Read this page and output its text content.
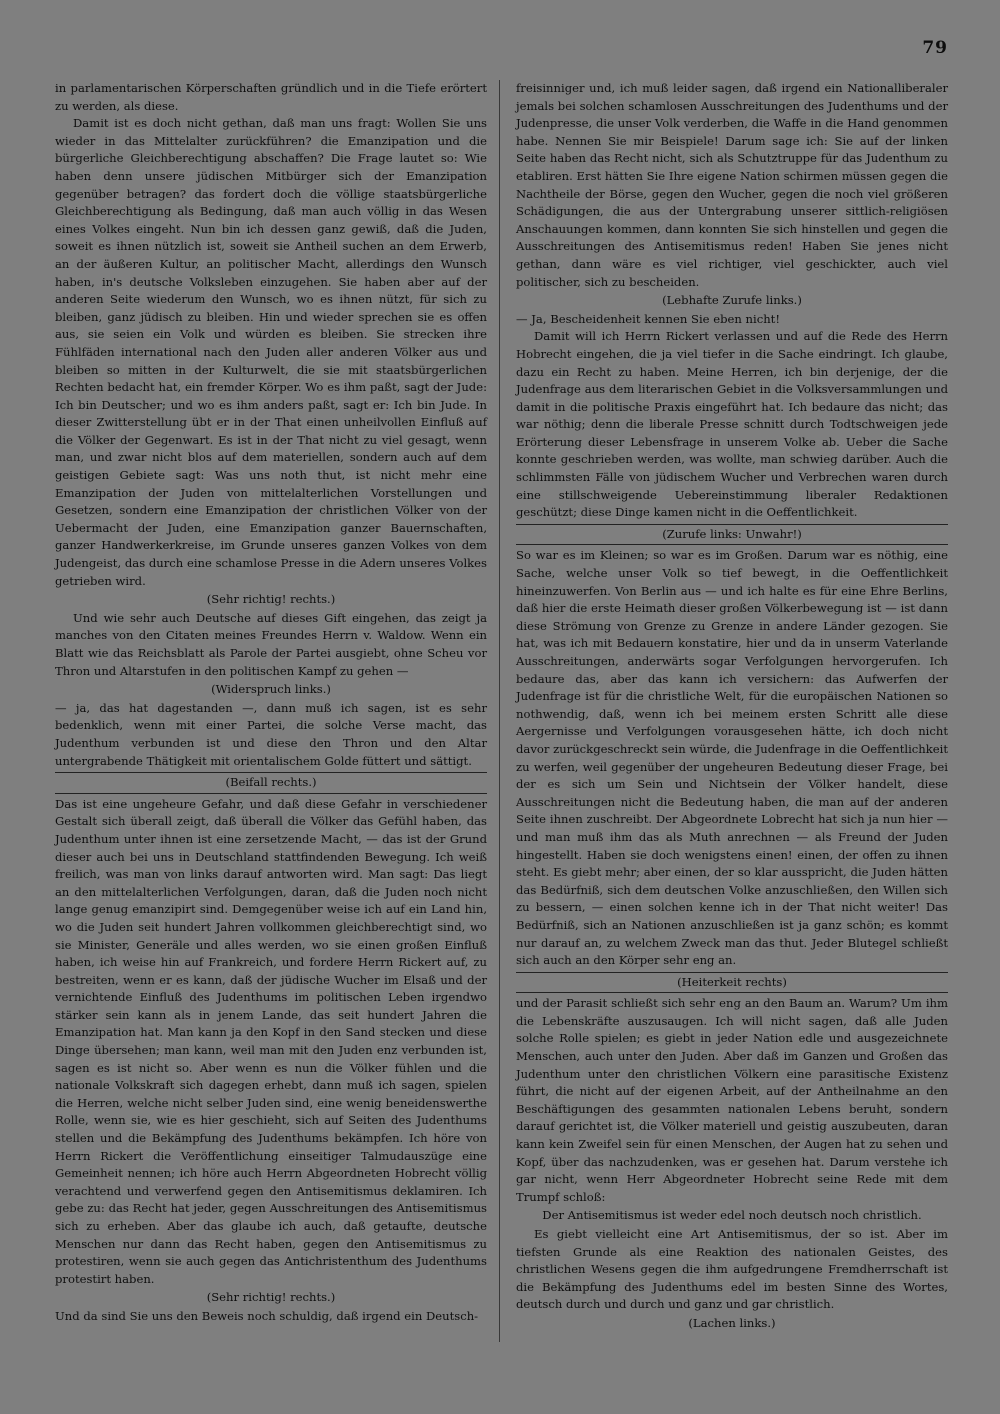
79

in parlamentarischen Körperschaften gründlich und in die Tiefe erörtert zu werden, als diese.

Damit ist es doch nicht gethan, daß man uns fragt: Wollen Sie uns wieder in das Mittelalter zurückführen? die Emanzipation und die bürgerliche Gleichberechtigung abschaffen? Die Frage lautet so: Wie haben denn unsere jüdischen Mitbürger sich der Emanzipation gegenüber betragen? das fordert doch die völlige staatsbürgerliche Gleichberechtigung als Bedingung, daß man auch völlig in das Wesen eines Volkes eingeht. Nun bin ich dessen ganz gewiß, daß die Juden, soweit es ihnen nützlich ist, soweit sie Antheil suchen an dem Erwerb, an der äußeren Kultur, an politischer Macht, allerdings den Wunsch haben, in's deutsche Volksleben einzugehen. Sie haben aber auf der anderen Seite wiederum den Wunsch, wo es ihnen nützt, für sich zu bleiben, ganz jüdisch zu bleiben. Hin und wieder sprechen sie es offen aus, sie seien ein Volk und würden es bleiben. Sie strecken ihre Fühlfäden international nach den Juden aller anderen Völker aus und bleiben so mitten in der Kulturwelt, die sie mit staatsbürgerlichen Rechten bedacht hat, ein fremder Körper. Wo es ihm paßt, sagt der Jude: Ich bin Deutscher; und wo es ihm anders paßt, sagt er: Ich bin Jude. In dieser Zwitterstellung übt er in der That einen unheilvollen Einfluß auf die Völker der Gegenwart. Es ist in der That nicht zu viel gesagt, wenn man, und zwar nicht blos auf dem materiellen, sondern auch auf dem geistigen Gebiete sagt: Was uns noth thut, ist nicht mehr eine Emanzipation der Juden von mittelalterlichen Vorstellungen und Gesetzen, sondern eine Emanzipation der christlichen Völker von der Uebermacht der Juden, eine Emanzipation ganzer Bauernschaften, ganzer Handwerkerkreise, im Grunde unseres ganzen Volkes von dem Judengeist, das durch eine schamlose Presse in die Adern unseres Volkes getrieben wird.

(Sehr richtig! rechts.)

Und wie sehr auch Deutsche auf dieses Gift eingehen, das zeigt ja manches von den Citaten meines Freundes Herrn v. Waldow. Wenn ein Blatt wie das Reichsblatt als Parole der Partei ausgiebt, ohne Scheu vor Thron und Altarstufen in den politischen Kampf zu gehen —

(Widerspruch links.)

— ja, das hat dagestanden —, dann muß ich sagen, ist es sehr bedenklich, wenn mit einer Partei, die solche Verse macht, das Judenthum verbunden ist und diese den Thron und den Altar untergrabende Thätigkeit mit orientalischem Golde füttert und sättigt.

(Beifall rechts.)

Das ist eine ungeheure Gefahr, und daß diese Gefahr in verschiedener Gestalt sich überall zeigt, daß überall die Völker das Gefühl haben, das Judenthum unter ihnen ist eine zersetzende Macht, — das ist der Grund dieser auch bei uns in Deutschland stattfindenden Bewegung. Ich weiß freilich, was man von links darauf antworten wird. Man sagt: Das liegt an den mittelalterlichen Verfolgungen, daran, daß die Juden noch nicht lange genug emanzipirt sind. Demgegenüber weise ich auf ein Land hin, wo die Juden seit hundert Jahren vollkommen gleichberechtigt sind, wo sie Minister, Generäle und alles werden, wo sie einen großen Einfluß haben, ich weise hin auf Frankreich, und fordere Herrn Rickert auf, zu bestreiten, wenn er es kann, daß der jüdische Wucher im Elsaß und der vernichtende Einfluß des Judenthums im politischen Leben irgendwo stärker sein kann als in jenem Lande, das seit hundert Jahren die Emanzipation hat. Man kann ja den Kopf in den Sand stecken und diese Dinge übersehen; man kann, weil man mit den Juden enz verbunden ist, sagen es ist nicht so. Aber wenn es nun die Völker fühlen und die nationale Volkskraft sich dagegen erhebt, dann muß ich sagen, spielen die Herren, welche nicht selber Juden sind, eine wenig beneidenswerthe Rolle, wenn sie, wie es hier geschieht, sich auf Seiten des Judenthums stellen und die Bekämpfung des Judenthums bekämpfen. Ich höre von Herrn Rickert die Veröffentlichung einseitiger Talmudauszüge eine Gemeinheit nennen; ich höre auch Herrn Abgeordneten Hobrecht völlig verachtend und verwerfend gegen den Antisemitismus deklamiren. Ich gebe zu: das Recht hat jeder, gegen Ausschreitungen des Antisemitismus sich zu erheben. Aber das glaube ich auch, daß getaufte, deutsche Menschen nur dann das Recht haben, gegen den Antisemitismus zu protestiren, wenn sie auch gegen das Antichristenthum des Judenthums protestirt haben.

(Sehr richtig! rechts.)

Und da sind Sie uns den Beweis noch schuldig, daß irgend ein Deutsch-

freisinniger und, ich muß leider sagen, daß irgend ein Nationalliberaler jemals bei solchen schamlosen Ausschreitungen des Judenthums und der Judenpresse, die unser Volk verderben, die Waffe in die Hand genommen habe. Nennen Sie mir Beispiele! Darum sage ich: Sie auf der linken Seite haben das Recht nicht, sich als Schutztruppe für das Judenthum zu etabliren. Erst hätten Sie Ihre eigene Nation schirmen müssen gegen die Nachtheile der Börse, gegen den Wucher, gegen die noch viel größeren Schädigungen, die aus der Untergrabung unserer sittlich-religiösen Anschauungen kommen, dann konnten Sie sich hinstellen und gegen die Ausschreitungen des Antisemitismus reden! Haben Sie jenes nicht gethan, dann wäre es viel richtiger, viel geschickter, auch viel politischer, sich zu bescheiden.

(Lebhafte Zurufe links.)

— Ja, Bescheidenheit kennen Sie eben nicht!

Damit will ich Herrn Rickert verlassen und auf die Rede des Herrn Hobrecht eingehen, die ja viel tiefer in die Sache eindringt. Ich glaube, dazu ein Recht zu haben. Meine Herren, ich bin derjenige, der die Judenfrage aus dem literarischen Gebiet in die Volksversammlungen und damit in die politische Praxis eingeführt hat. Ich bedaure das nicht; das war nöthig; denn die liberale Presse schnitt durch Todtschweigen jede Erörterung dieser Lebensfrage in unserem Volke ab. Ueber die Sache konnte geschrieben werden, was wollte, man schwieg darüber. Auch die schlimmsten Fälle von jüdischem Wucher und Verbrechen waren durch eine stillschweigende Uebereinstimmung liberaler Redaktionen geschützt; diese Dinge kamen nicht in die Oeffentlichkeit.

(Zurufe links: Unwahr!)

So war es im Kleinen; so war es im Großen. Darum war es nöthig, eine Sache, welche unser Volk so tief bewegt, in die Oeffentlichkeit hineinzuwerfen. Von Berlin aus — und ich halte es für eine Ehre Berlins, daß hier die erste Heimath dieser großen Völkerbewegung ist — ist dann diese Strömung von Grenze zu Grenze in andere Länder gezogen. Sie hat, was ich mit Bedauern konstatire, hier und da in unserm Vaterlande Ausschreitungen, anderwärts sogar Verfolgungen hervorgerufen. Ich bedaure das, aber das kann ich versichern: das Aufwerfen der Judenfrage ist für die christliche Welt, für die europäischen Nationen so nothwendig, daß, wenn ich bei meinem ersten Schritt alle diese Aergernisse und Verfolgungen vorausgesehen hätte, ich doch nicht davor zurückgeschreckt sein würde, die Judenfrage in die Oeffentlichkeit zu werfen, weil gegenüber der ungeheuren Bedeutung dieser Frage, bei der es sich um Sein und Nichtsein der Völker handelt, diese Ausschreitungen nicht die Bedeutung haben, die man auf der anderen Seite ihnen zuschreibt. Der Abgeordnete Lobrecht hat sich ja nun hier — und man muß ihm das als Muth anrechnen — als Freund der Juden hingestellt. Haben sie doch wenigstens einen! einen, der offen zu ihnen steht. Es giebt mehr; aber einen, der so klar ausspricht, die Juden hätten das Bedürfniß, sich dem deutschen Volke anzuschließen, den Willen sich zu bessern, — einen solchen kenne ich in der That nicht weiter! Das Bedürfniß, sich an Nationen anzuschließen ist ja ganz schön; es kommt nur darauf an, zu welchem Zweck man das thut. Jeder Blutegel schließt sich auch an den Körper sehr eng an.

(Heiterkeit rechts)

und der Parasit schließt sich sehr eng an den Baum an. Warum? Um ihm die Lebenskräfte auszusaugen. Ich will nicht sagen, daß alle Juden solche Rolle spielen; es giebt in jeder Nation edle und ausgezeichnete Menschen, auch unter den Juden. Aber daß im Ganzen und Großen das Judenthum unter den christlichen Völkern eine parasitische Existenz führt, die nicht auf der eigenen Arbeit, auf der Antheilnahme an den Beschäftigungen des gesammten nationalen Lebens beruht, sondern darauf gerichtet ist, die Völker materiell und geistig auszubeuten, daran kann kein Zweifel sein für einen Menschen, der Augen hat zu sehen und Kopf, über das nachzudenken, was er gesehen hat. Darum verstehe ich gar nicht, wenn Herr Abgeordneter Hobrecht seine Rede mit dem Trumpf schloß:

Der Antisemitismus ist weder edel noch deutsch noch christlich.

Es giebt vielleicht eine Art Antisemitismus, der so ist. Aber im tiefsten Grunde als eine Reaktion des nationalen Geistes, des christlichen Wesens gegen die ihm aufgedrungene Fremdherrschaft ist die Bekämpfung des Judenthums edel im besten Sinne des Wortes, deutsch durch und durch und ganz und gar christlich.

(Lachen links.)
